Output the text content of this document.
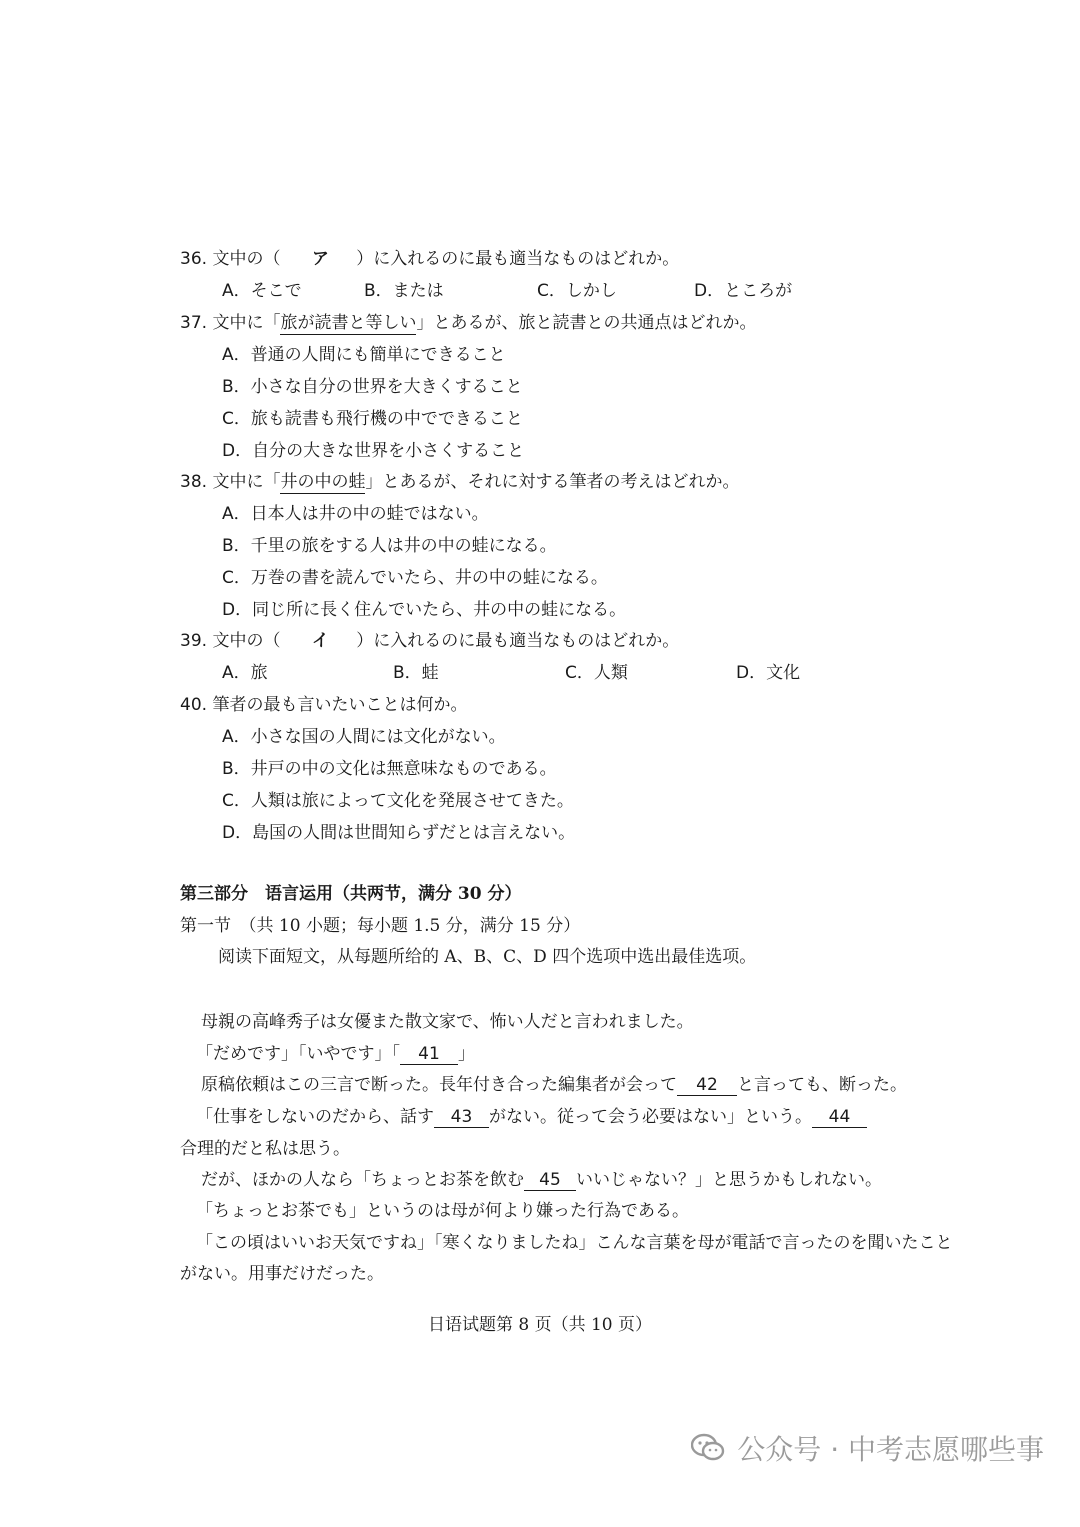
36. 文中の（ ア ）に入れるのに最も適当なものはどれか。
A．そこで	B．または	C．しかし	D．ところが
37. 文中に「旅が読書と等しい」とあるが、旅と読書との共通点はどれか。
A．普通の人間にも簡単にできること
B．小さな自分の世界を大きくすること
C．旅も読書も飛行機の中でできること
D．自分の大きな世界を小さくすること
38. 文中に「井の中の蛙」とあるが、それに対する筆者の考えはどれか。
A．日本人は井の中の蛙ではない。
B．千里の旅をする人は井の中の蛙になる。
C．万巻の書を読んでいたら、井の中の蛙になる。
D．同じ所に長く住んでいたら、井の中の蛙になる。
39. 文中の（ イ ）に入れるのに最も適当なものはどれか。
A．旅	B．蛙	C．人類	D．文化
40. 筆者の最も言いたいことは何か。
A．小さな国の人間には文化がない。
B．井戸の中の文化は無意味なものである。
C．人類は旅によって文化を発展させてきた。
D．島国の人間は世間知らずだとは言えない。
第三部分　语言运用（共两节，满分 30 分）
第一节　（共 10 小题；每小题 1.5 分，满分 15 分）
阅读下面短文，从每题所给的 A、B、C、D 四个选项中选出最佳选项。
母親の高峰秀子は女優また散文家で、怖い人だと言われました。
「だめです」「いやです」「 41 」
原稿依頼はこの三言で断った。長年付き合った編集者が会って 42 と言っても、断った。
「仕事をしないのだから、話す 43 がない。従って会う必要はない」という。 44
合理的だと私は思う。
だが、ほかの人なら「ちょっとお茶を飲む 45 いいじゃない？」と思うかもしれない。
「ちょっとお茶でも」というのは母が何より嫌った行為である。
「この頃はいいお天気ですね」「寒くなりましたね」こんな言葉を母が電話で言ったのを聞いたこと
がない。用事だけだった。
日语试题第 8 页（共 10 页）
公众号 · 中考志愿哪些事
